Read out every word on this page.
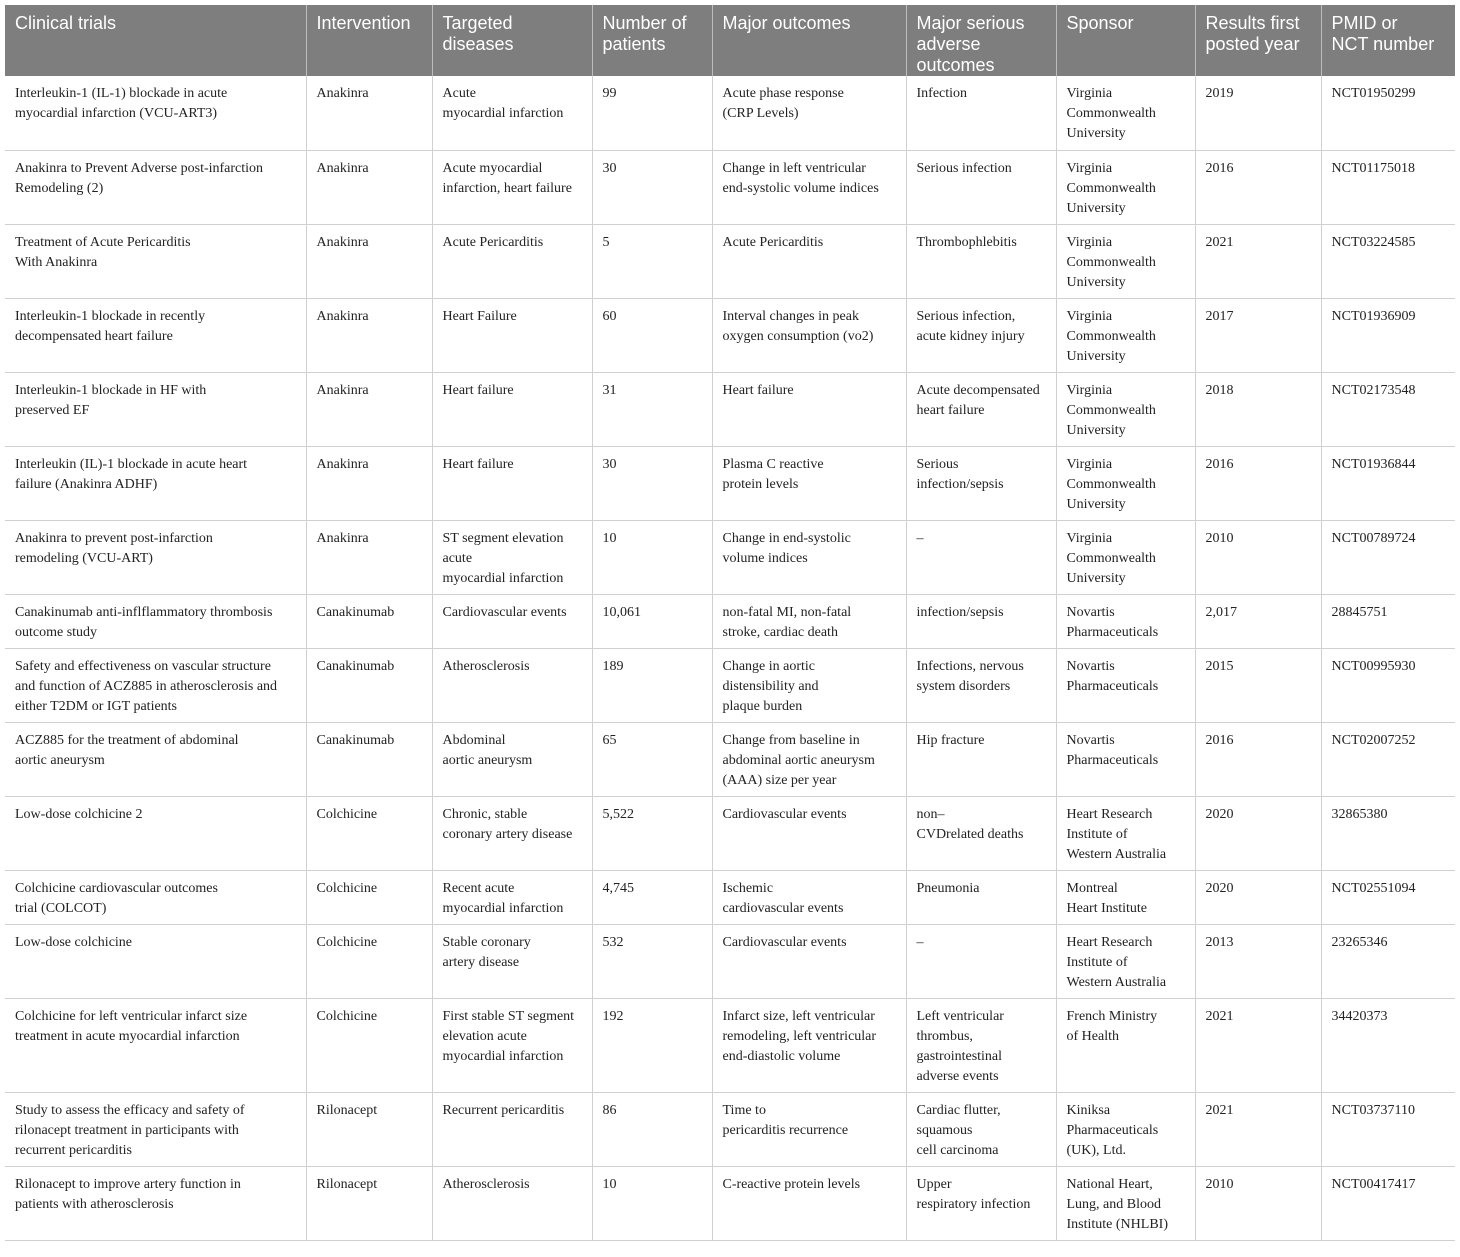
Clinical trials	Intervention	Targeted
diseases	Number of
patients	Major outcomes	Major serious
adverse
outcomes	Sponsor	Results first
posted year	PMID or
NCT number
Interleukin-1 (IL-1) blockade in acute
myocardial infarction (VCU-ART3)	Anakinra	Acute
myocardial infarction	99	Acute phase response
(CRP Levels)	Infection	Virginia
Commonwealth
University	2019	NCT01950299
Anakinra to Prevent Adverse post-infarction
Remodeling (2)	Anakinra	Acute myocardial
infarction, heart failure	30	Change in left ventricular
end-systolic volume indices	Serious infection	Virginia
Commonwealth
University	2016	NCT01175018
Treatment of Acute Pericarditis
With Anakinra	Anakinra	Acute Pericarditis	5	Acute Pericarditis	Thrombophlebitis	Virginia
Commonwealth
University	2021	NCT03224585
Interleukin-1 blockade in recently
decompensated heart failure	Anakinra	Heart Failure	60	Interval changes in peak
oxygen consumption (vo2)	Serious infection,
acute kidney injury	Virginia
Commonwealth
University	2017	NCT01936909
Interleukin-1 blockade in HF with
preserved EF	Anakinra	Heart failure	31	Heart failure	Acute decompensated
heart failure	Virginia
Commonwealth
University	2018	NCT02173548
Interleukin (IL)-1 blockade in acute heart
failure (Anakinra ADHF)	Anakinra	Heart failure	30	Plasma C reactive
protein levels	Serious
infection/sepsis	Virginia
Commonwealth
University	2016	NCT01936844
Anakinra to prevent post-infarction
remodeling (VCU-ART)	Anakinra	ST segment elevation
acute
myocardial infarction	10	Change in end-systolic
volume indices	–	Virginia
Commonwealth
University	2010	NCT00789724
Canakinumab anti-inflflammatory thrombosis
outcome study	Canakinumab	Cardiovascular events	10,061	non-fatal MI, non-fatal
stroke, cardiac death	infection/sepsis	Novartis
Pharmaceuticals	2,017	28845751
Safety and effectiveness on vascular structure
and function of ACZ885 in atherosclerosis and
either T2DM or IGT patients	Canakinumab	Atherosclerosis	189	Change in aortic
distensibility and
plaque burden	Infections, nervous
system disorders	Novartis
Pharmaceuticals	2015	NCT00995930
ACZ885 for the treatment of abdominal
aortic aneurysm	Canakinumab	Abdominal
aortic aneurysm	65	Change from baseline in
abdominal aortic aneurysm
(AAA) size per year	Hip fracture	Novartis
Pharmaceuticals	2016	NCT02007252
Low-dose colchicine 2	Colchicine	Chronic, stable
coronary artery disease	5,522	Cardiovascular events	non–
CVDrelated deaths	Heart Research
Institute of
Western Australia	2020	32865380
Colchicine cardiovascular outcomes
trial (COLCOT)	Colchicine	Recent acute
myocardial infarction	4,745	Ischemic
cardiovascular events	Pneumonia	Montreal
Heart Institute	2020	NCT02551094
Low-dose colchicine	Colchicine	Stable coronary
artery disease	532	Cardiovascular events	–	Heart Research
Institute of
Western Australia	2013	23265346
Colchicine for left ventricular infarct size
treatment in acute myocardial infarction	Colchicine	First stable ST segment
elevation acute
myocardial infarction	192	Infarct size, left ventricular
remodeling, left ventricular
end-diastolic volume	Left ventricular
thrombus,
gastrointestinal
adverse events	French Ministry
of Health	2021	34420373
Study to assess the efficacy and safety of
rilonacept treatment in participants with
recurrent pericarditis	Rilonacept	Recurrent pericarditis	86	Time to
pericarditis recurrence	Cardiac flutter,
squamous
cell carcinoma	Kiniksa
Pharmaceuticals
(UK), Ltd.	2021	NCT03737110
Rilonacept to improve artery function in
patients with atherosclerosis	Rilonacept	Atherosclerosis	10	C-reactive protein levels	Upper
respiratory infection	National Heart,
Lung, and Blood
Institute (NHLBI)	2010	NCT00417417
